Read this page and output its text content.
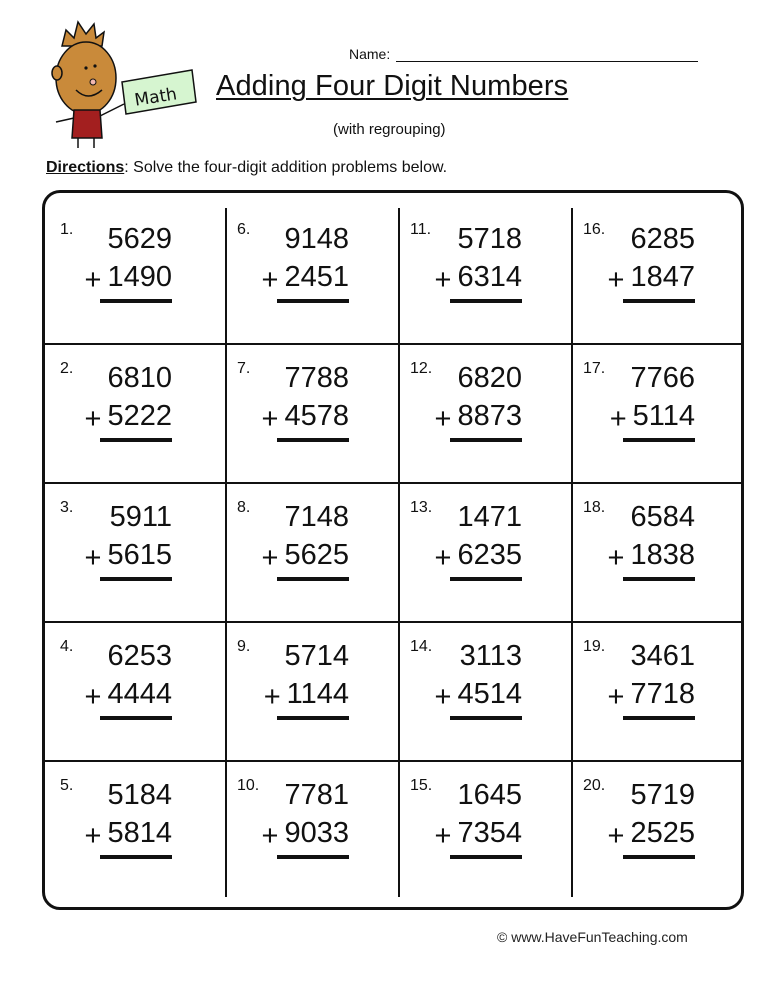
Math
Name:
Adding Four Digit Numbers
(with regrouping)
Directions: Solve the four-digit addition problems below.
1. 5629
+ 1490
2. 6810
+ 5222
3. 5911
+ 5615
4. 6253
+ 4444
5. 5184
+ 5814
6. 9148
+ 2451
7. 7788
+ 4578
8. 7148
+ 5625
9. 5714
+ 1144
10. 7781
+ 9033
11. 5718
+ 6314
12. 6820
+ 8873
13. 1471
+ 6235
14. 3113
+ 4514
15. 1645
+ 7354
16. 6285
+ 1847
17. 7766
+ 5114
18. 6584
+ 1838
19. 3461
+ 7718
20. 5719
+ 2525
© www.HaveFunTeaching.com
